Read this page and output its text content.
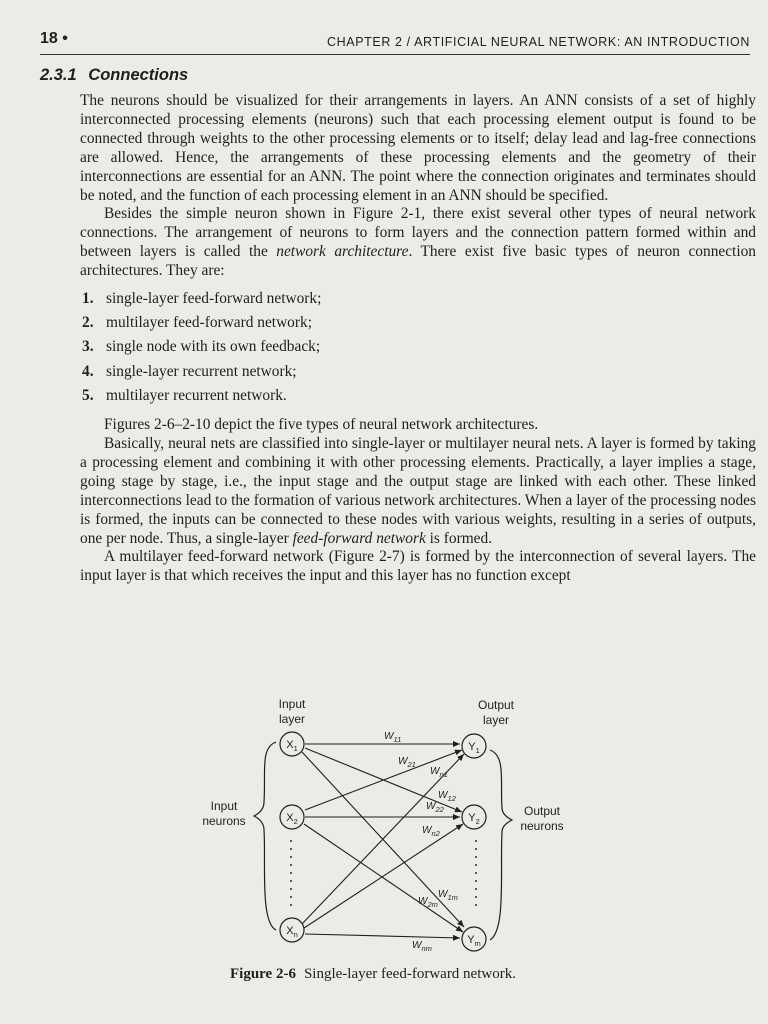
18 •	CHAPTER 2 / ARTIFICIAL NEURAL NETWORK: AN INTRODUCTION
2.3.1 Connections

The neurons should be visualized for their arrangements in layers. An ANN consists of a set of highly interconnected processing elements (neurons) such that each processing element output is found to be connected through weights to the other processing elements or to itself; delay lead and lag-free connections are allowed. Hence, the arrangements of these processing elements and the geometry of their interconnections are essential for an ANN. The point where the connection originates and terminates should be noted, and the function of each processing element in an ANN should be specified.

Besides the simple neuron shown in Figure 2-1, there exist several other types of neural network connections. The arrangement of neurons to form layers and the connection pattern formed within and between layers is called the network architecture. There exist five basic types of neuron connection architectures. They are:

1. single-layer feed-forward network;
2. multilayer feed-forward network;
3. single node with its own feedback;
4. single-layer recurrent network;
5. multilayer recurrent network.

Figures 2-6–2-10 depict the five types of neural network architectures.

Basically, neural nets are classified into single-layer or multilayer neural nets. A layer is formed by taking a processing element and combining it with other processing elements. Practically, a layer implies a stage, going stage by stage, i.e., the input stage and the output stage are linked with each other. These linked interconnections lead to the formation of various network architectures. When a layer of the processing nodes is formed, the inputs can be connected to these nodes with various weights, resulting in a series of outputs, one per node. Thus, a single-layer feed-forward network is formed.

A multilayer feed-forward network (Figure 2-7) is formed by the interconnection of several layers. The input layer is that which receives the input and this layer has no function except

Input
layer
Output
layer
Input
neurons
Output
neurons
$X_1$
$X_2$
$X_n$
$Y_1$
$Y_2$
$Y_m$
$W_{11}$
$W_{21}$
$W_{n1}$
$W_{12}$
$W_{22}$
$W_{n2}$
$W_{1m}$
$W_{2m}$
$W_{nm}$
Figure 2-6 Single-layer feed-forward network.
